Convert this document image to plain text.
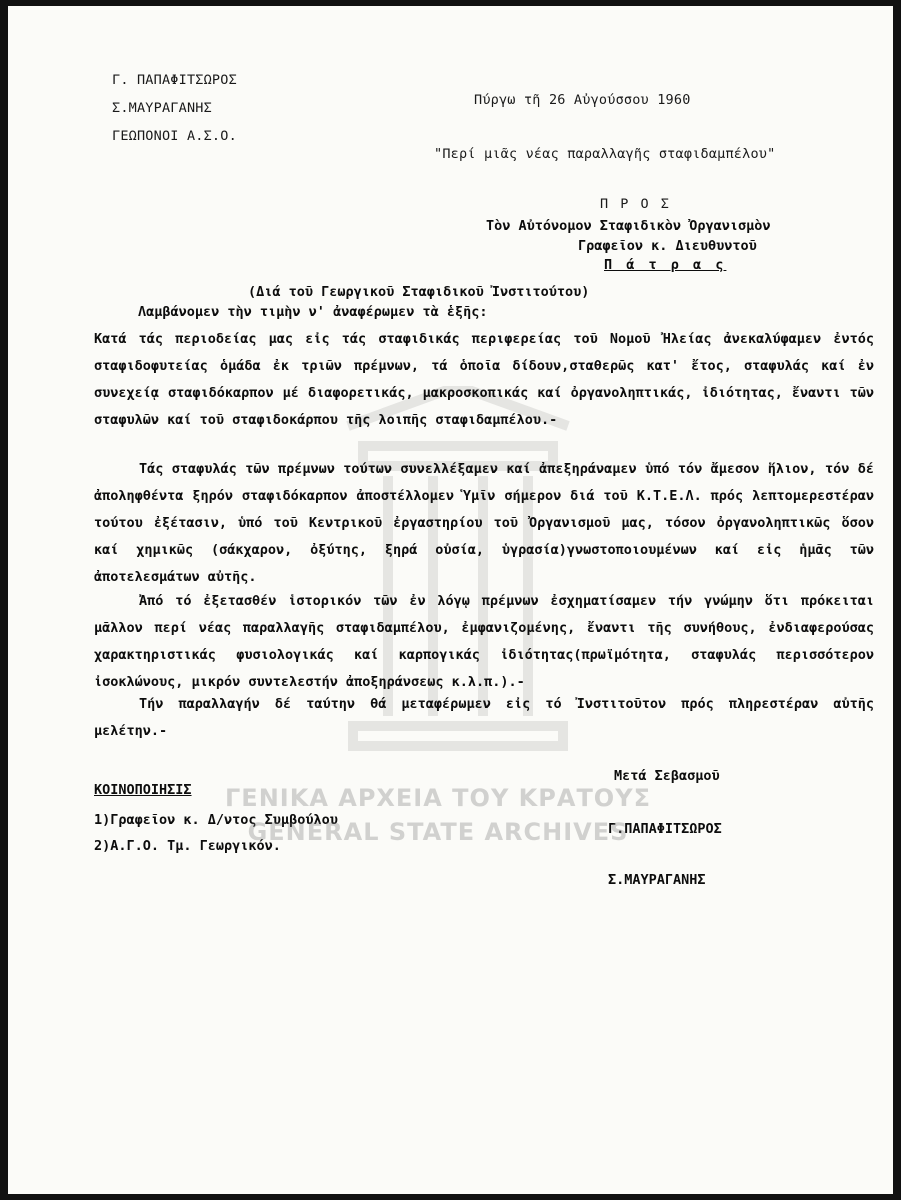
Γ. ΠΑΠΑΦΙΤΣΩΡΟΣ
Σ.ΜΑΥΡΑΓΑΝΗΣ
ΓΕΩΠΟΝΟΙ Α.Σ.Ο.
Πύργω τῆ 26 Αὐγούσσου 1960
"Περί μιᾶς νέας παραλλαγῆς σταφιδαμπέλου"
Π Ρ Ο Σ
Τὸν Αὐτόνομον Σταφιδικὸν Ὀργανισμὸν
Γραφεῖον κ. Διευθυντοῦ
Π ά τ ρ α ς
(Διά τοῦ Γεωργικοῦ Σταφιδικοῦ Ἰνστιτούτου)
Λαμβάνομεν τὴν τιμὴν ν' ἀναφέρωμεν τὰ ἑξῆς:

Κατά τάς περιοδείας μας εἰς τάς σταφιδικάς περιφερείας τοῦ Νομοῦ Ἠλείας ἀνεκαλύφαμεν ἐντός σταφιδοφυτείας ὁμάδα ἐκ τριῶν πρέμνων, τά ὁποῖα δίδουν,σταθερῶς κατ' ἔτος, σταφυλάς καί ἐν συνεχείᾳ σταφιδόκαρπον μέ διαφορετικάς, μακροσκοπικάς καί ὀργανοληπτικάς, ἰδιότητας, ἔναντι τῶν σταφυλῶν καί τοῦ σταφιδοκάρπου τῆς λοιπῆς σταφιδαμπέλου.-

Τάς σταφυλάς τῶν πρέμνων τούτων συνελλέξαμεν καί ἀπεξηράναμεν ὑπό τόν ἄμεσον ἥλιον, τόν δέ ἀποληφθέντα ξηρόν σταφιδόκαρπον ἀποστέλλομεν Ὑμῖν σήμερον διά τοῦ Κ.Τ.Ε.Λ. πρός λεπτομερεστέραν τούτου ἐξέτασιν, ὑπό τοῦ Κεντρικοῦ ἐργαστηρίου τοῦ Ὀργανισμοῦ μας, τόσον ὀργανοληπτικῶς ὅσον καί χημικῶς (σάκχαρον, ὀξύτης, ξηρά οὐσία, ὑγρασία)γνωστοποιουμένων καί εἰς ἡμᾶς τῶν ἀποτελεσμάτων αὐτῆς.

Ἀπό τό ἐξετασθέν ἱστορικόν τῶν ἐν λόγῳ πρέμνων ἐσχηματίσαμεν τήν γνώμην ὅτι πρόκειται μᾶλλον περί νέας παραλλαγῆς σταφιδαμπέλου, ἐμφανιζομένης, ἔναντι τῆς συνήθους, ἐνδιαφερούσας χαρακτηριστικάς φυσιολογικάς καί καρπογικάς ἰδιότητας(πρωϊμότητα, σταφυλάς περισσότερον ἰσοκλώνους, μικρόν συντελεστήν ἀποξηράνσεως κ.λ.π.).-

Τήν παραλλαγήν δέ ταύτην θά μεταφέρωμεν εἰς τό Ἰνστιτοῦτον πρός πληρεστέραν αὐτῆς μελέτην.-

Μετά Σεβασμοῦ
Γ.ΠΑΠΑΦΙΤΣΩΡΟΣ
Σ.ΜΑΥΡΑΓΑΝΗΣ
ΚΟΙΝΟΠΟΙΗΣΙΣ
1)Γραφεῖον κ. Δ/ντος Συμβούλου
2)Α.Γ.Ο. Τμ. Γεωργικόν.
ΓΕΝΙΚΑ ΑΡΧΕΙΑ ΤΟΥ ΚΡΑΤΟΥΣ
GENERAL STATE ARCHIVES
